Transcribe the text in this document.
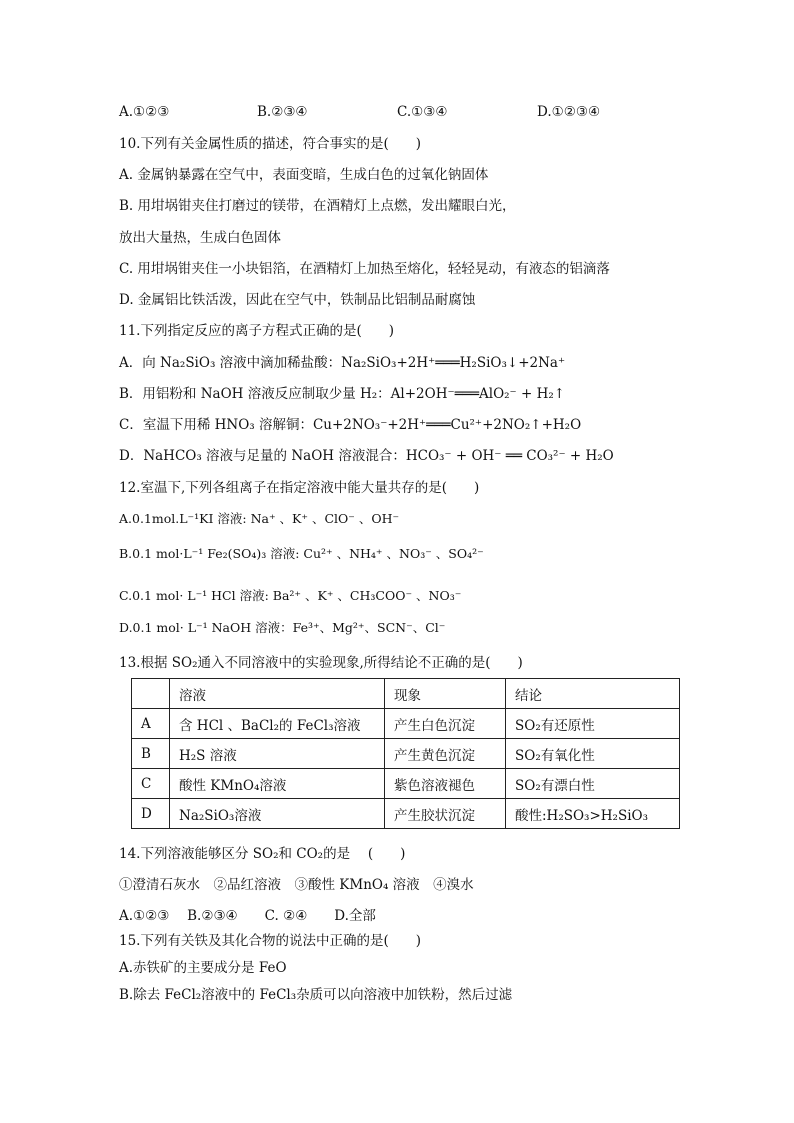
A.①②③	B.②③④	C.①③④	D.①②③④
10.下列有关金属性质的描述，符合事实的是(　　)
A. 金属钠暴露在空气中，表面变暗，生成白色的过氧化钠固体
B. 用坩埚钳夹住打磨过的镁带，在酒精灯上点燃，发出耀眼白光，
放出大量热，生成白色固体
C. 用坩埚钳夹住一小块铝箔，在酒精灯上加热至熔化，轻轻晃动，有液态的铝滴落
D. 金属铝比铁活泼，因此在空气中，铁制品比铝制品耐腐蚀
11.下列指定反应的离子方程式正确的是(　　)
A．向 Na₂SiO₃ 溶液中滴加稀盐酸：Na₂SiO₃+2H⁺═══H₂SiO₃↓+2Na⁺
B．用铝粉和 NaOH 溶液反应制取少量 H₂：Al+2OH⁻═══AlO₂⁻ + H₂↑
C．室温下用稀 HNO₃ 溶解铜：Cu+2NO₃⁻+2H⁺═══Cu²⁺+2NO₂↑+H₂O
D．NaHCO₃ 溶液与足量的 NaOH 溶液混合：HCO₃⁻ + OH⁻ ══ CO₃²⁻ + H₂O
12.室温下,下列各组离子在指定溶液中能大量共存的是(　　)
A.0.1mol.L⁻¹KI 溶液: Na⁺ 、K⁺ 、ClO⁻ 、OH⁻
B.0.1 mol·L⁻¹ Fe₂(SO₄)₃ 溶液: Cu²⁺ 、NH₄⁺ 、NO₃⁻ 、SO₄²⁻
C.0.1 mol· L⁻¹ HCl 溶液: Ba²⁺ 、K⁺ 、CH₃COO⁻ 、NO₃⁻
D.0.1 mol· L⁻¹ NaOH 溶液：Fe³⁺、Mg²⁺、SCN⁻、Cl⁻
13.根据 SO₂通入不同溶液中的实验现象,所得结论不正确的是(　　)
	溶液	现象	结论
A	含 HCl 、BaCl₂的 FeCl₃溶液	产生白色沉淀	SO₂有还原性
B	H₂S 溶液	产生黄色沉淀	SO₂有氧化性
C	酸性 KMnO₄溶液	紫色溶液褪色	SO₂有漂白性
D	Na₂SiO₃溶液	产生胶状沉淀	酸性:H₂SO₃>H₂SiO₃
14.下列溶液能够区分 SO₂和 CO₂的是　 (　　)
①澄清石灰水　②品红溶液　③酸性 KMnO₄ 溶液　④溴水
A.①②③　 B.②③④　　C. ②④　　D.全部
15.下列有关铁及其化合物的说法中正确的是(　　)
A.赤铁矿的主要成分是 FeO
B.除去 FeCl₂溶液中的 FeCl₃杂质可以向溶液中加铁粉，然后过滤
